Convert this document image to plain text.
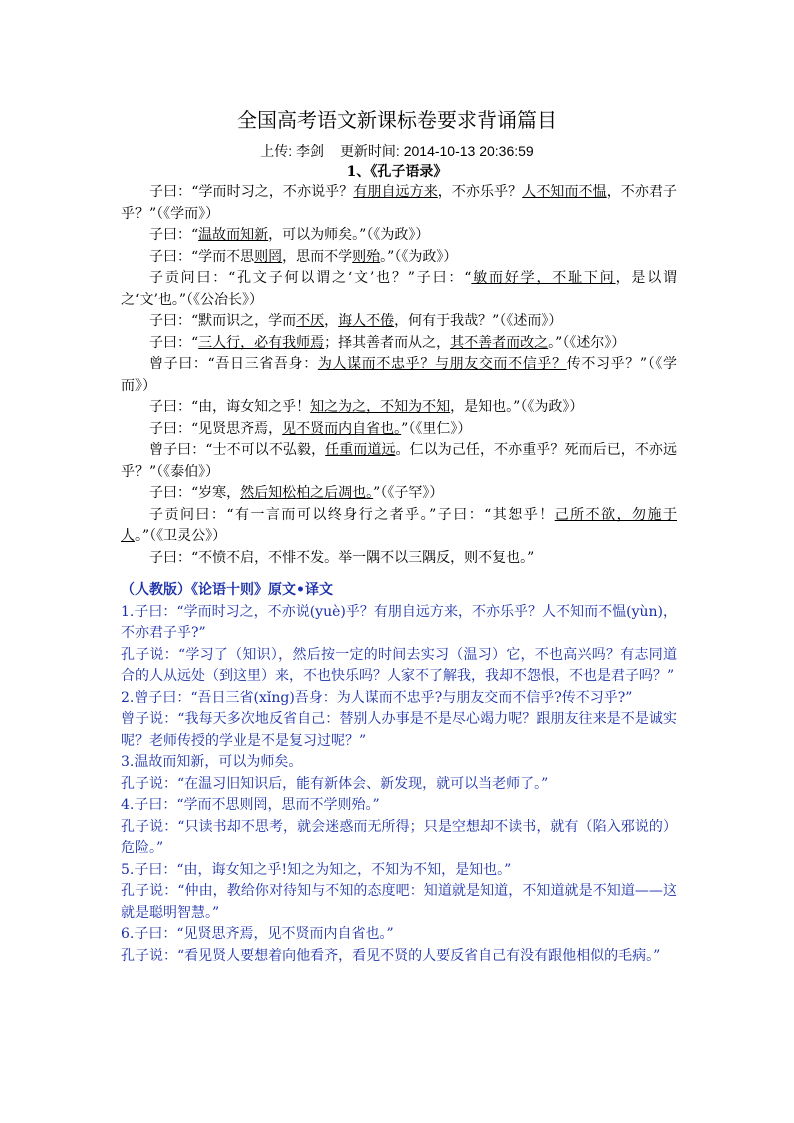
全国高考语文新课标卷要求背诵篇目
上传: 李剑 更新时间: 2014-10-13 20:36:59
1、《孔子语录》

子曰：“学而时习之，不亦说乎？有朋自远方来，不亦乐乎？人不知而不愠，不亦君子乎？”（《学而》）

子曰：“温故而知新，可以为师矣。”（《为政》）

子曰：“学而不思则罔，思而不学则殆。”（《为政》）

子贡问曰：“孔文子何以谓之‘文’也？”子曰：“敏而好学，不耻下问，是以谓之‘文’也。”（《公冶长》）

子曰：“默而识之，学而不厌，诲人不倦，何有于我哉？”（《述而》）

子曰：“三人行，必有我师焉；择其善者而从之，其不善者而改之。”（《述尔》）

曾子曰：“吾日三省吾身：为人谋而不忠乎？与朋友交而不信乎？传不习乎？”（《学而》）

子曰：“由，诲女知之乎！知之为之，不知为不知，是知也。”（《为政》）

子曰：“见贤思齐焉，见不贤而内自省也。”（《里仁》）

曾子曰：“士不可以不弘毅，任重而道远。仁以为己任，不亦重乎？死而后已，不亦远乎？”（《泰伯》）

子曰：“岁寒，然后知松柏之后凋也。”（《子罕》）

子贡问曰：“有一言而可以终身行之者乎。”子曰：“其恕乎！己所不欲，勿施于人。”（《卫灵公》）

子曰：“不愤不启，不悱不发。举一隅不以三隅反，则不复也。”

（人教版）《论语十则》原文•译文

1.子曰：“学而时习之，不亦说(yuè)乎？有朋自远方来，不亦乐乎？人不知而不愠(yùn)，不亦君子乎?”

孔子说：“学习了（知识），然后按一定的时间去实习（温习）它，不也高兴吗？有志同道合的人从远处（到这里）来，不也快乐吗？人家不了解我，我却不怨恨，不也是君子吗？”

2.曾子曰：“吾日三省(xǐng)吾身：为人谋而不忠乎?与朋友交而不信乎?传不习乎?”

曾子说：“我每天多次地反省自己：替别人办事是不是尽心竭力呢？跟朋友往来是不是诚实呢？老师传授的学业是不是复习过呢？”

3.温故而知新，可以为师矣。

孔子说：“在温习旧知识后，能有新体会、新发现，就可以当老师了。”

4.子曰：“学而不思则罔，思而不学则殆。”

孔子说：“只读书却不思考，就会迷惑而无所得；只是空想却不读书，就有（陷入邪说的）危险。”

5.子曰：“由，诲女知之乎!知之为知之，不知为不知，是知也。”

孔子说：“仲由，教给你对待知与不知的态度吧：知道就是知道，不知道就是不知道——这就是聪明智慧。”

6.子曰：“见贤思齐焉，见不贤而内自省也。”

孔子说：“看见贤人要想着向他看齐，看见不贤的人要反省自己有没有跟他相似的毛病。”
